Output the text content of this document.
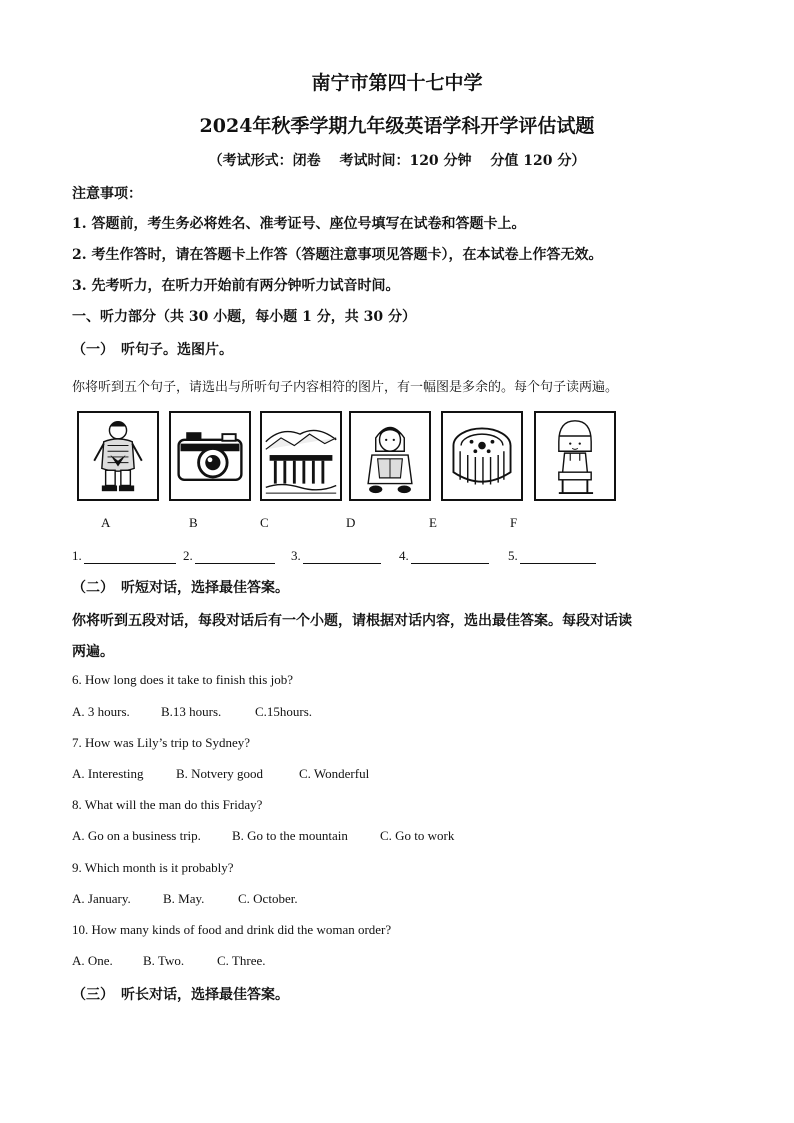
南宁市第四十七中学
2024年秋季学期九年级英语学科开学评估试题
（考试形式：闭卷　 考试时间：120 分钟　 分值 120 分）
注意事项：
1. 答题前，考生务必将姓名、准考证号、座位号填写在试卷和答题卡上。
2. 考生作答时，请在答题卡上作答（答题注意事项见答题卡），在本试卷上作答无效。
3. 先考听力，在听力开始前有两分钟听力试音时间。
一、听力部分（共 30 小题，每小题 1 分，共 30 分）
（一）　听句子。选图片。
你将听到五个句子，请选出与所听句子内容相符的图片，有一幅图是多余的。每个句子读两遍。
A	B	C	D	E	F
1.	2.	3.	4.	5.
（二）　听短对话，选择最佳答案。
你将听到五段对话，每段对话后有一个小题，请根据对话内容，选出最佳答案。每段对话读
两遍。
6. How long does it take to finish this job?
A. 3 hours. B.13 hours.	C.15hours.
7. How was Lily’s trip to Sydney?
A. Interesting	B. Notvery good	C. Wonderful
8. What will the man do this Friday?
A. Go on a business trip. B. Go to the mountain C. Go to work
9. Which month is it probably?
A. January. B. May.	C. October.
10. How many kinds of food and drink did the woman order?
A. One. B. Two.	C. Three.
（三）　听长对话，选择最佳答案。
